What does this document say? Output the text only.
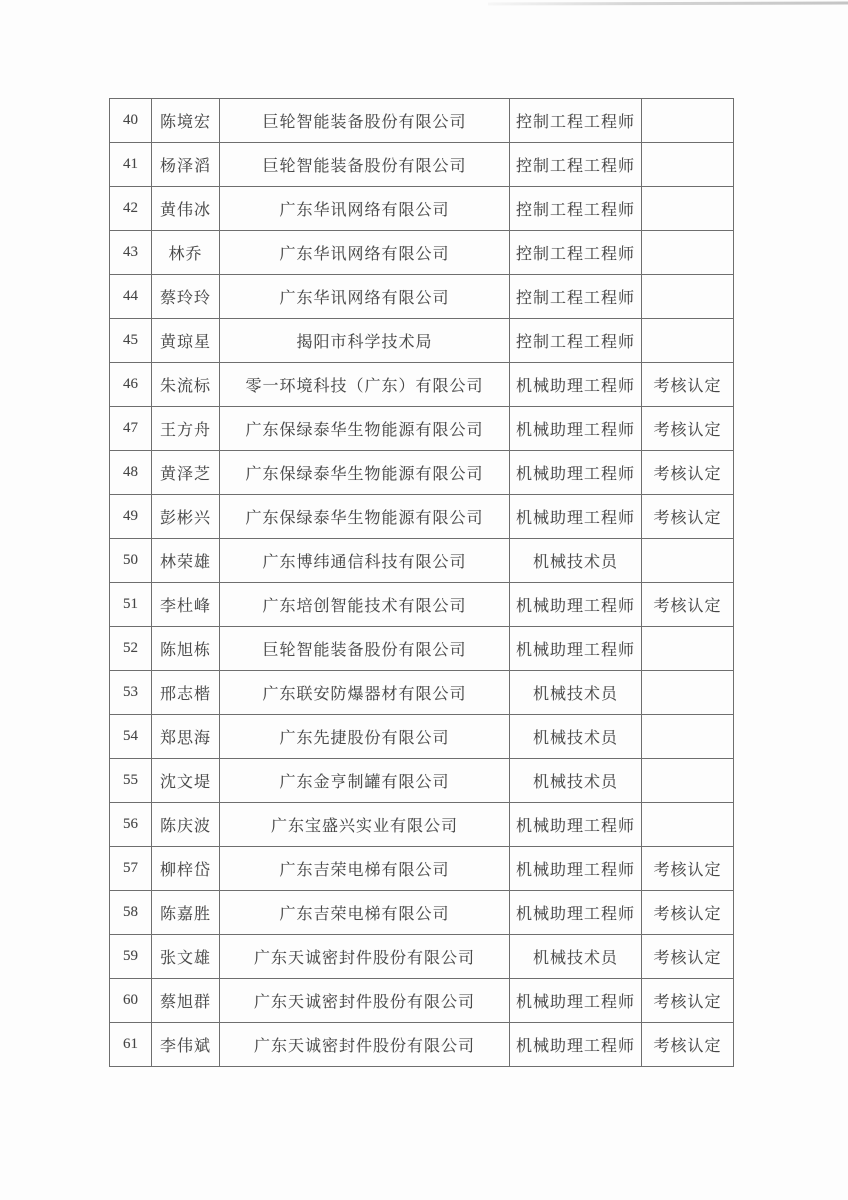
40	陈境宏	巨轮智能装备股份有限公司	控制工程工程师	
41	杨泽滔	巨轮智能装备股份有限公司	控制工程工程师	
42	黄伟冰	广东华讯网络有限公司	控制工程工程师	
43	林乔	广东华讯网络有限公司	控制工程工程师	
44	蔡玲玲	广东华讯网络有限公司	控制工程工程师	
45	黄琼星	揭阳市科学技术局	控制工程工程师	
46	朱流标	零一环境科技（广东）有限公司	机械助理工程师	考核认定
47	王方舟	广东保绿泰华生物能源有限公司	机械助理工程师	考核认定
48	黄泽芝	广东保绿泰华生物能源有限公司	机械助理工程师	考核认定
49	彭彬兴	广东保绿泰华生物能源有限公司	机械助理工程师	考核认定
50	林荣雄	广东博纬通信科技有限公司	机械技术员	
51	李杜峰	广东培创智能技术有限公司	机械助理工程师	考核认定
52	陈旭栋	巨轮智能装备股份有限公司	机械助理工程师	
53	邢志楷	广东联安防爆器材有限公司	机械技术员	
54	郑思海	广东先捷股份有限公司	机械技术员	
55	沈文堤	广东金亨制罐有限公司	机械技术员	
56	陈庆波	广东宝盛兴实业有限公司	机械助理工程师	
57	柳梓岱	广东吉荣电梯有限公司	机械助理工程师	考核认定
58	陈嘉胜	广东吉荣电梯有限公司	机械助理工程师	考核认定
59	张文雄	广东天诚密封件股份有限公司	机械技术员	考核认定
60	蔡旭群	广东天诚密封件股份有限公司	机械助理工程师	考核认定
61	李伟斌	广东天诚密封件股份有限公司	机械助理工程师	考核认定
